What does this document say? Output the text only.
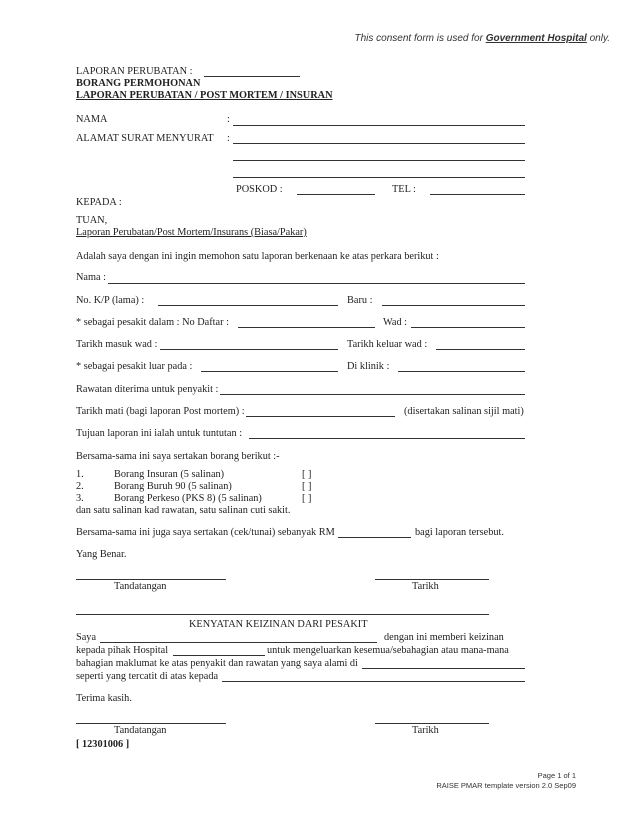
This consent form is used for Government Hospital only.
LAPORAN PERUBATAN :
BORANG PERMOHONAN
LAPORAN PERUBATAN / POST MORTEM / INSURAN
NAMA	:
ALAMAT SURAT MENYURAT :
POSKOD :	TEL :
KEPADA :
TUAN,
Laporan Perubatan/Post Mortem/Insurans (Biasa/Pakar)
Adalah saya dengan ini ingin memohon satu laporan berkenaan ke atas perkara berikut :
Nama :
No. K/P (lama) :	Baru :
* sebagai pesakit dalam : No Daftar :	Wad :
Tarikh masuk wad :	Tarikh keluar wad :
* sebagai pesakit luar pada :	Di klinik :
Rawatan diterima untuk penyakit :
Tarikh mati (bagi laporan Post mortem) :	(disertakan salinan sijil mati)
Tujuan laporan ini ialah untuk tuntutan :
Bersama-sama ini saya sertakan borang berikut :-
1.	Borang Insuran (5 salinan)	[ ]
2.	Borang Buruh 90 (5 salinan)	[ ]
3.	Borang Perkeso (PKS 8) (5 salinan)	[ ]
dan satu salinan kad rawatan, satu salinan cuti sakit.
Bersama-sama ini juga saya sertakan (cek/tunai) sebanyak RM	bagi laporan tersebut.
Yang Benar.
Tandatangan	Tarikh
KENYATAN KEIZINAN DARI PESAKIT
Saya	dengan ini memberi keizinan
kepada pihak Hospital	untuk mengeluarkan kesemua/sebahagian atau mana-mana
bahagian maklumat ke atas penyakit dan rawatan yang saya alami di
seperti yang tercatit di atas kepada
Terima kasih.
Tandatangan	Tarikh
[ 12301006 ]
Page 1 of 1
RAISE PMAR template version 2.0 Sep09
